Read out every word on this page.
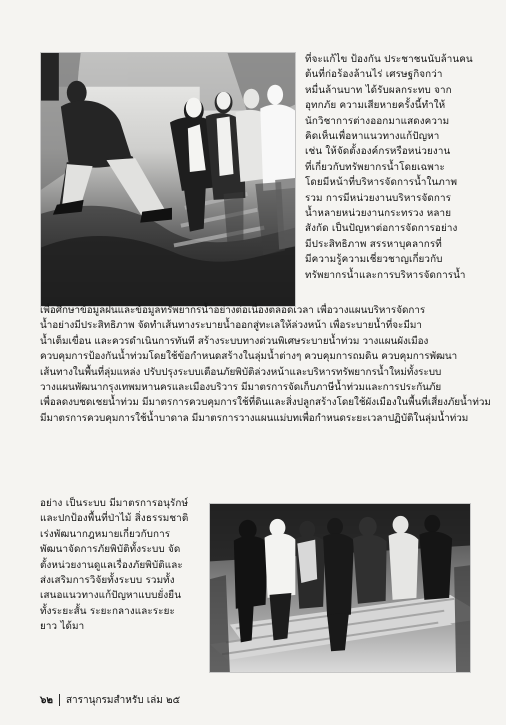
ที่จะแก้ไข ป้องกัน ประชาชนนับล้านคน
ต้นที่ก่อร้องล้านไร่ เศรษฐกิจกว่า
หมื่นล้านบาท ได้รับผลกระทบ จาก
อุทกภัย ความเสียหายครั้งนี้ทำให้
นักวิชาการต่างออกมาแสดงความ
คิดเห็นเพื่อหาแนวทางแก้ปัญหา
เช่น ให้จัดตั้งองค์กรหรือหน่วยงาน
ที่เกี่ยวกับทรัพยากรน้ำโดยเฉพาะ
โดยมีหน้าที่บริหารจัดการน้ำในภาพ
รวม การมีหน่วยงานบริหารจัดการ
น้ำหลายหน่วยงานกระทรวง หลาย
สังกัด เป็นปัญหาต่อการจัดการอย่าง
มีประสิทธิภาพ สรรหาบุคลากรที่
มีความรู้ความเชี่ยวชาญเกี่ยวกับ
ทรัพยากรน้ำและการบริหารจัดการน้ำ
เพื่อศึกษาข้อมูลฝนและข้อมูลทรัพยากรน้ำอย่างต่อเนื่องตลอดเวลา เพื่อวางแผนบริหารจัดการ
น้ำอย่างมีประสิทธิภาพ จัดทำเส้นทางระบายน้ำออกสู่ทะเลให้ล่วงหน้า เพื่อระบายน้ำที่จะมีมา
น้ำเต็มเขื่อน และควรดำเนินการทันที สร้างระบบทางด่วนพิเศษระบายน้ำท่วม วางแผนผังเมือง
ควบคุมการป้องกันน้ำท่วมโดยใช้ข้อกำหนดสร้างในลุ่มน้ำต่างๆ ควบคุมการถมดิน ควบคุมการพัฒนา
เส้นทางในพื้นที่ลุ่มแหล่ง ปรับปรุงระบบเตือนภัยพิบัติล่วงหน้าและบริหารทรัพยากรน้ำใหม่ทั้งระบบ
วางแผนพัฒนากรุงเทพมหานครและเมืองบริวาร มีมาตรการจัดเก็บภาษีน้ำท่วมและการประกันภัย
เพื่อลดงบชดเชยน้ำท่วม มีมาตรการควบคุมการใช้ที่ดินและสิ่งปลูกสร้างโดยใช้ผังเมืองในพื้นที่เสี่ยงภัยน้ำท่วม
มีมาตรการควบคุมการใช้น้ำบาดาล มีมาตรการวางแผนแม่บทเพื่อกำหนดระยะเวลาปฏิบัติในลุ่มน้ำท่วม
อย่าง เป็นระบบ มีมาตรการอนุรักษ์
และปกป้องพื้นที่ป่าไม้ สิ่งธรรมชาติ
เร่งพัฒนากฎหมายเกี่ยวกับการ
พัฒนาจัดการภัยพิบัติทั้งระบบ จัด
ตั้งหน่วยงานดูแลเรื่องภัยพิบัติและ
ส่งเสริมการวิจัยทั้งระบบ รวมทั้ง
เสนอแนวทางแก้ปัญหาแบบยั่งยืน
ทั้งระยะสั้น ระยะกลางและระยะ
ยาว ได้มา
๖๒ สารานุกรมสำหรับ เล่ม ๒๕
